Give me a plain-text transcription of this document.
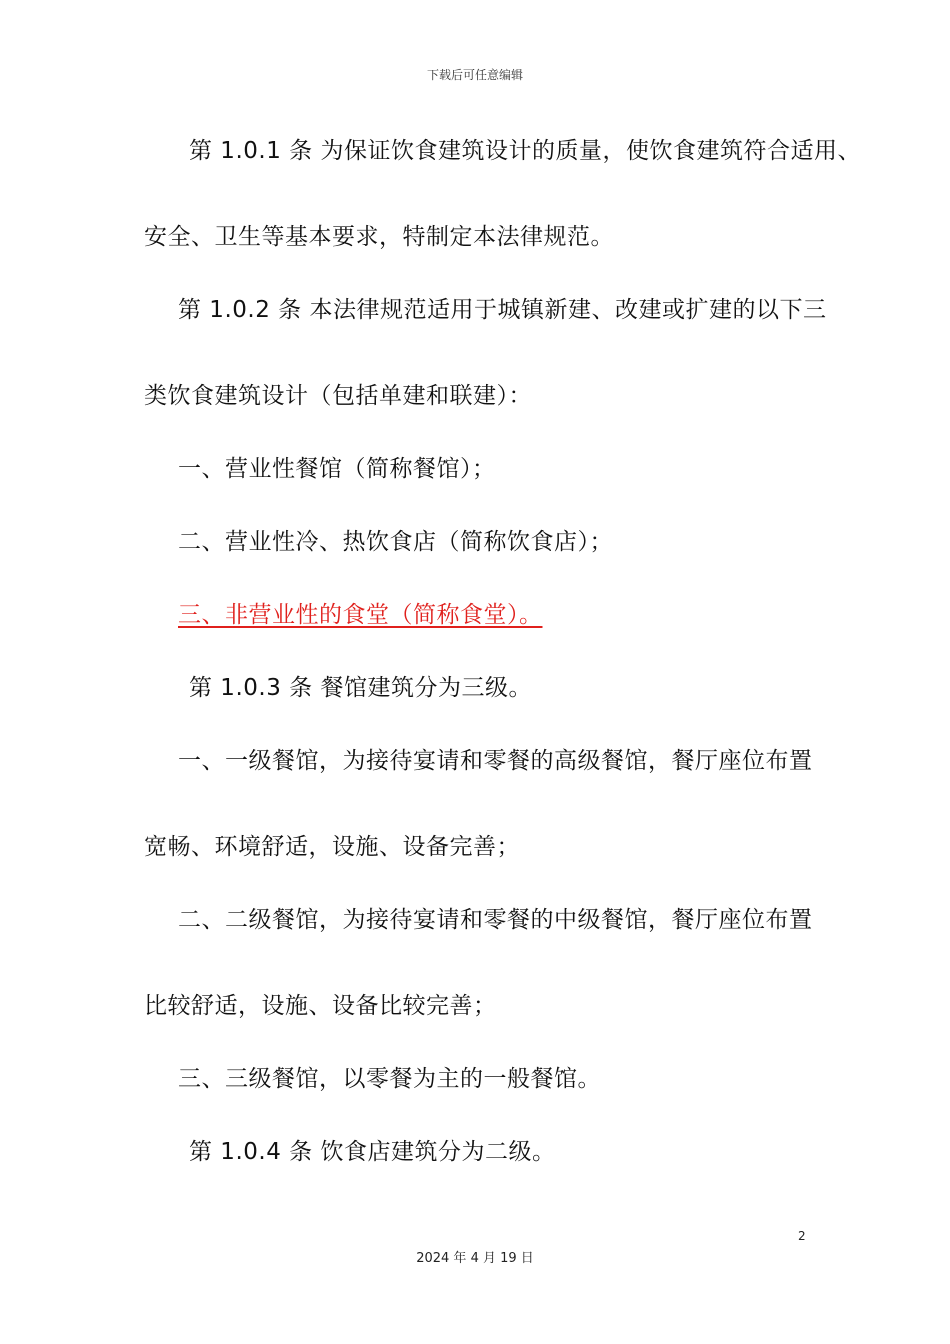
下载后可任意编辑
第 1.0.1 条 为保证饮食建筑设计的质量，使饮食建筑符合适用、
安全、卫生等基本要求，特制定本法律规范。
第 1.0.2 条 本法律规范适用于城镇新建、改建或扩建的以下三
类饮食建筑设计（包括单建和联建）：
一、营业性餐馆（简称餐馆）；
二、营业性冷、热饮食店（简称饮食店）；
三、非营业性的食堂（简称食堂）。
第 1.0.3 条 餐馆建筑分为三级。
一、一级餐馆，为接待宴请和零餐的高级餐馆，餐厅座位布置
宽畅、环境舒适，设施、设备完善；
二、二级餐馆，为接待宴请和零餐的中级餐馆，餐厅座位布置
比较舒适，设施、设备比较完善；
三、三级餐馆，以零餐为主的一般餐馆。
第 1.0.4 条 饮食店建筑分为二级。
2
2024 年 4 月 19 日
